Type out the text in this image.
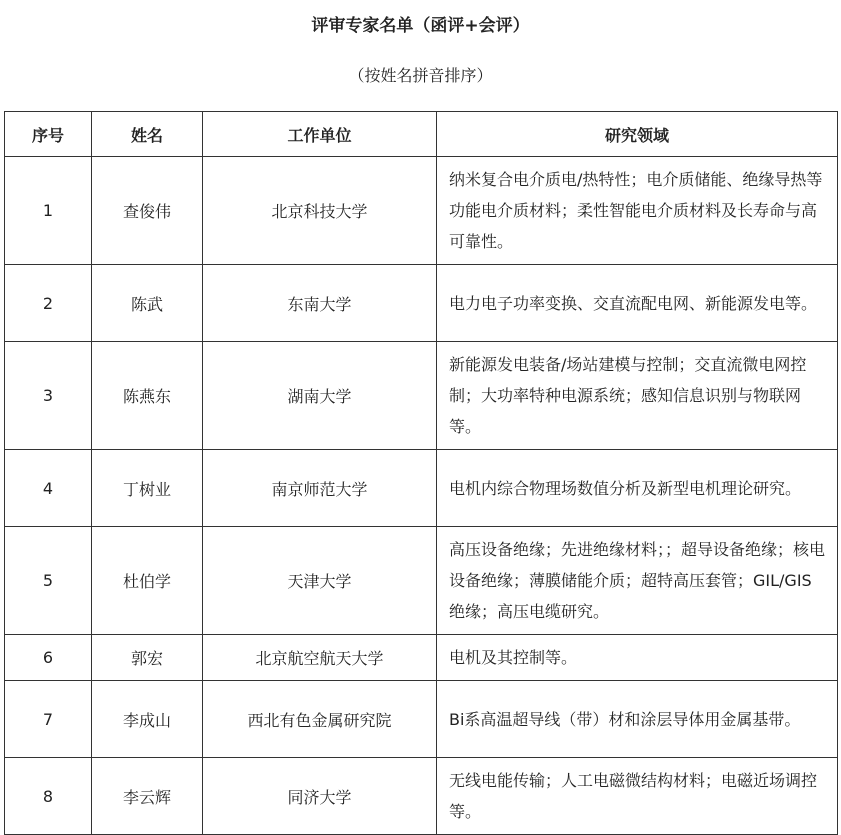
评审专家名单（函评+会评）
（按姓名拼音排序）
序号	姓名	工作单位	研究领域
1	查俊伟	北京科技大学	纳米复合电介质电/热特性；电介质储能、绝缘导热等功能电介质材料；柔性智能电介质材料及长寿命与高可靠性。
2	陈武	东南大学	电力电子功率变换、交直流配电网、新能源发电等。
3	陈燕东	湖南大学	新能源发电装备/场站建模与控制；交直流微电网控制；大功率特种电源系统；感知信息识别与物联网等。
4	丁树业	南京师范大学	电机内综合物理场数值分析及新型电机理论研究。
5	杜伯学	天津大学	高压设备绝缘；先进绝缘材料；；超导设备绝缘；核电设备绝缘；薄膜储能介质；超特高压套管；GIL/GIS绝缘；高压电缆研究。
6	郭宏	北京航空航天大学	电机及其控制等。
7	李成山	西北有色金属研究院	Bi系高温超导线（带）材和涂层导体用金属基带。
8	李云辉	同济大学	无线电能传输；人工电磁微结构材料；电磁近场调控等。
